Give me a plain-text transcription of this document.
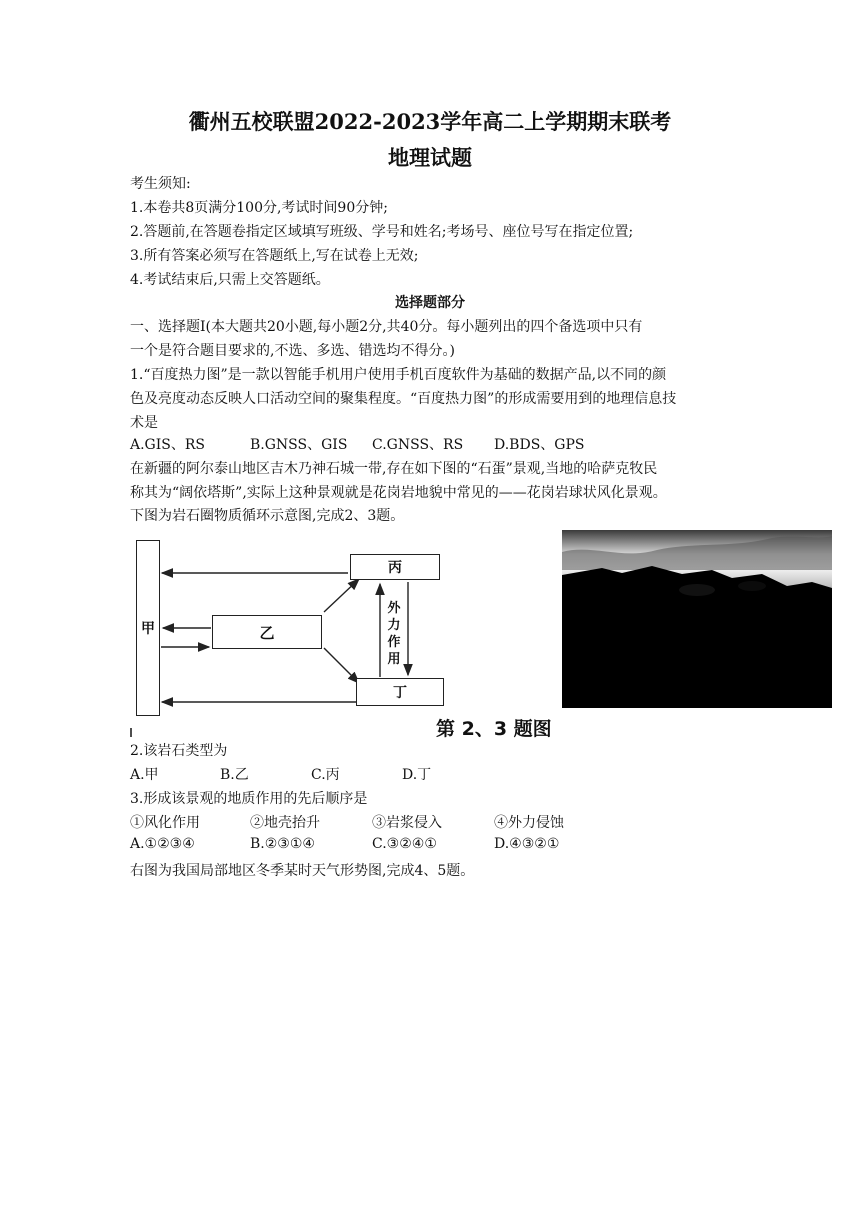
衢州五校联盟2022-2023学年高二上学期期末联考
地理试题
考生须知:
1.本卷共8页满分100分,考试时间90分钟;
2.答题前,在答题卷指定区域填写班级、学号和姓名;考场号、座位号写在指定位置;
3.所有答案必须写在答题纸上,写在试卷上无效;
4.考试结束后,只需上交答题纸。
选择题部分
一、选择题Ⅰ(本大题共20小题,每小题2分,共40分。每小题列出的四个备选项中只有
一个是符合题目要求的,不选、多选、错选均不得分。)
1.“百度热力图”是一款以智能手机用户使用手机百度软件为基础的数据产品,以不同的颜
色及亮度动态反映人口活动空间的聚集程度。“百度热力图”的形成需要用到的地理信息技
术是
A.GIS、RS	B.GNSS、GIS C.GNSS、RS D.BDS、GPS
在新疆的阿尔泰山地区吉木乃神石城一带,存在如下图的“石蛋”景观,当地的哈萨克牧民
称其为“阔依塔斯”,实际上这种景观就是花岗岩地貌中常见的——花岗岩球状风化景观。
下图为岩石圈物质循环示意图,完成2、3题。
甲	乙
丙
丁
外力作用
第 2、3 题图
2.该岩石类型为
A.甲	B.乙	C.丙	D.丁
3.形成该景观的地质作用的先后顺序是
①风化作用	②地壳抬升	③岩浆侵入	④外力侵蚀
A.①②③④	B.②③①④	C.③②④①	D.④③②①
右图为我国局部地区冬季某时天气形势图,完成4、5题。
